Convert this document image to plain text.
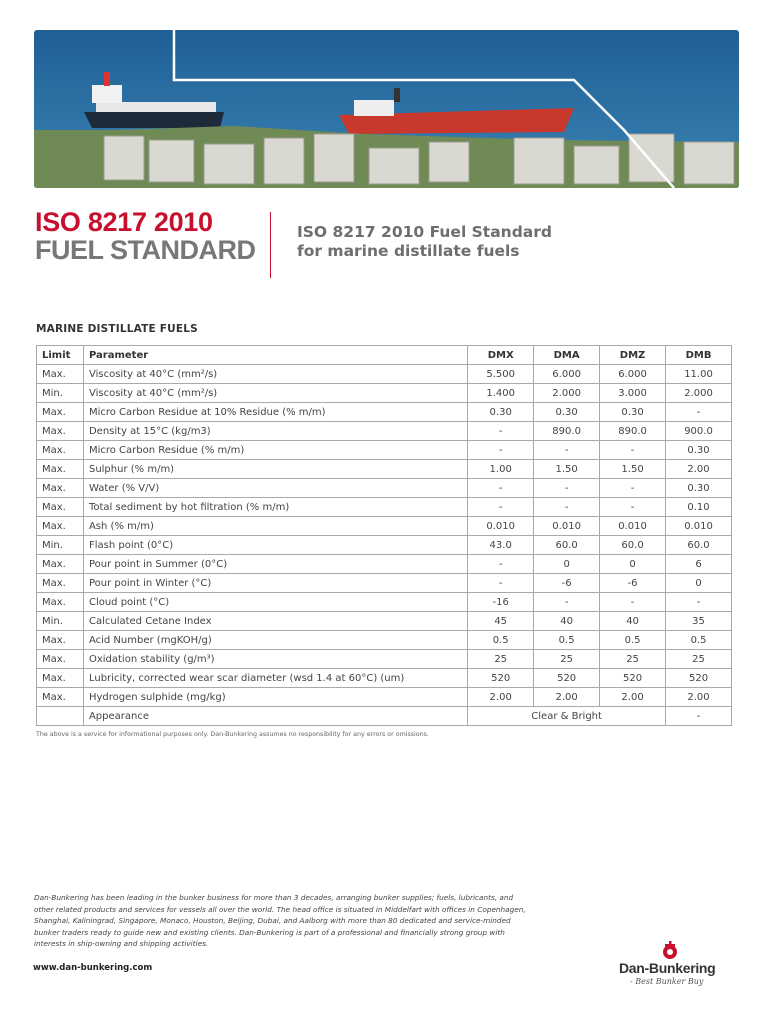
ISO 8217 2010
FUEL STANDARD
ISO 8217 2010 Fuel Standard
for marine distillate fuels
MARINE DISTILLATE FUELS
Limit	Parameter	DMX	DMA	DMZ	DMB
Max.	Viscosity at 40°C (mm²/s)	5.500	6.000	6.000	11.00
Min.	Viscosity at 40°C (mm²/s)	1.400	2.000	3.000	2.000
Max.	Micro Carbon Residue at 10% Residue (% m/m)	0.30	0.30	0.30	-
Max.	Density at 15°C (kg/m3)	-	890.0	890.0	900.0
Max.	Micro Carbon Residue (% m/m)	-	-	-	0.30
Max.	Sulphur (% m/m)	1.00	1.50	1.50	2.00
Max.	Water (% V/V)	-	-	-	0.30
Max.	Total sediment by hot filtration (% m/m)	-	-	-	0.10
Max.	Ash (% m/m)	0.010	0.010	0.010	0.010
Min.	Flash point (0°C)	43.0	60.0	60.0	60.0
Max.	Pour point in Summer (0°C)	-	0	0	6
Max.	Pour point in Winter (°C)	-	-6	-6	0
Max.	Cloud point (°C)	-16	-	-	-
Min.	Calculated Cetane Index	45	40	40	35
Max.	Acid Number (mgKOH/g)	0.5	0.5	0.5	0.5
Max.	Oxidation stability (g/m³)	25	25	25	25
Max.	Lubricity, corrected wear scar diameter (wsd 1.4 at 60°C) (um)	520	520	520	520
Max.	Hydrogen sulphide (mg/kg)	2.00	2.00	2.00	2.00
	Appearance	Clear & Bright			-
The above is a service for informational purposes only. Dan-Bunkering assumes no responsibility for any errors or omissions.
Dan-Bunkering has been leading in the bunker business for more than 3 decades, arranging bunker supplies; fuels, lubricants, and
other related products and services for vessels all over the world. The head office is situated in Middelfart with offices in Copenhagen,
Shanghai, Kaliningrad, Singapore, Monaco, Houston, Beijing, Dubai, and Aalborg with more than 80 dedicated and service-minded
bunker traders ready to guide new and existing clients. Dan-Bunkering is part of a professional and financially strong group with
interests in ship-owning and shipping activities.
www.dan-bunkering.com	Dan-Bunkering
- Best Bunker Buy
